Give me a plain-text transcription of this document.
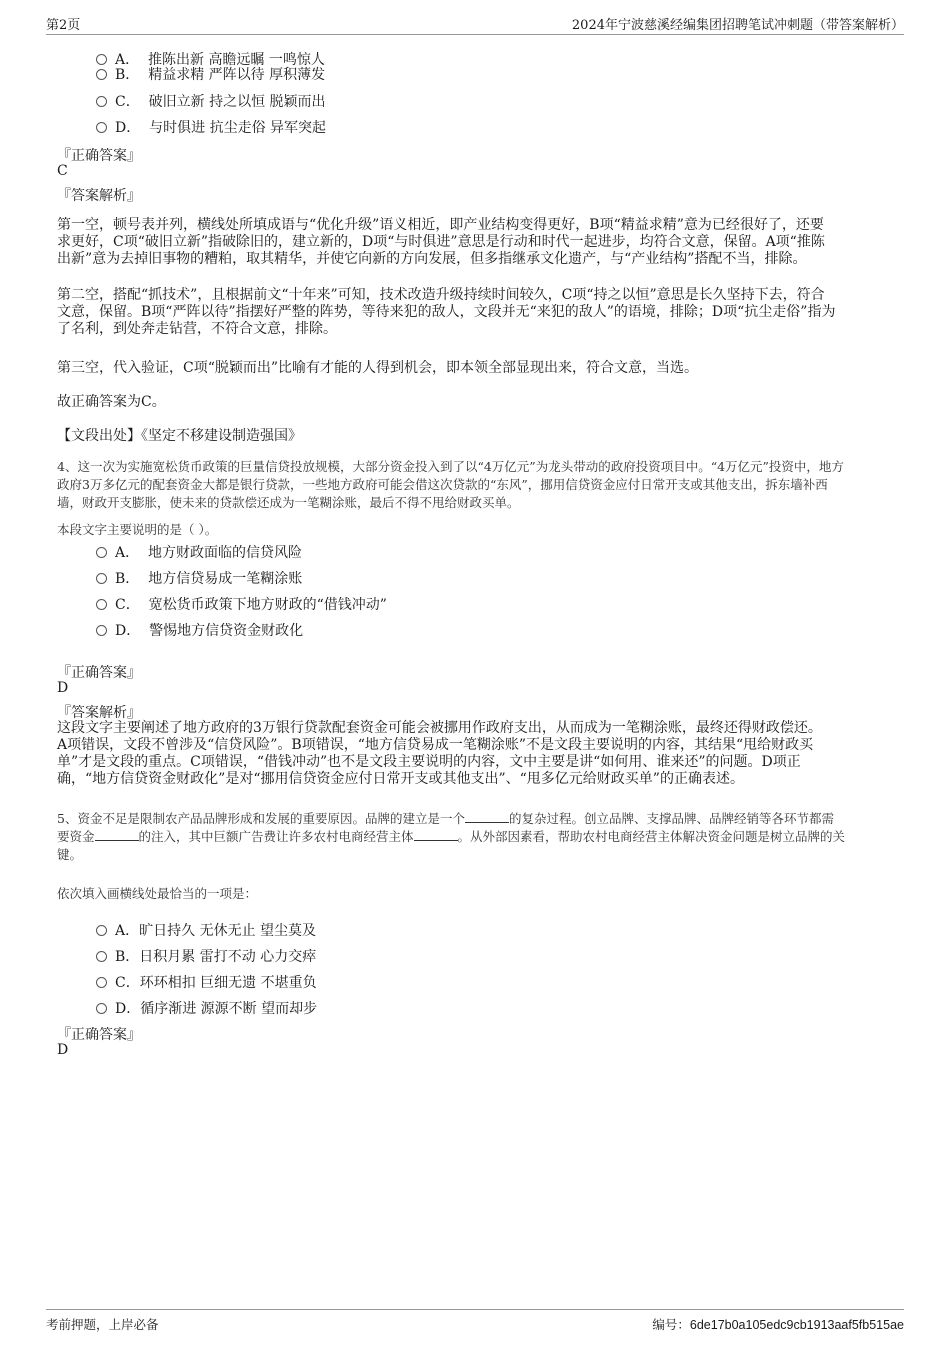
第2页	2024年宁波慈溪经编集团招聘笔试冲刺题（带答案解析）
A． 推陈出新 高瞻远瞩 一鸣惊人
B． 精益求精 严阵以待 厚积薄发
C． 破旧立新 持之以恒 脱颖而出
D． 与时俱进 抗尘走俗 异军突起
『正确答案』
C
『答案解析』
第一空，顿号表并列，横线处所填成语与“优化升级”语义相近，即产业结构变得更好，B项“精益求精”意为已经很好了，还要
求更好，C项“破旧立新”指破除旧的，建立新的，D项“与时俱进”意思是行动和时代一起进步，均符合文意，保留。A项“推陈
出新”意为去掉旧事物的糟粕，取其精华，并使它向新的方向发展，但多指继承文化遗产，与“产业结构”搭配不当，排除。
第二空，搭配“抓技术”，且根据前文“十年来”可知，技术改造升级持续时间较久，C项“持之以恒”意思是长久坚持下去，符合
文意，保留。B项“严阵以待”指摆好严整的阵势，等待来犯的敌人，文段并无“来犯的敌人”的语境，排除；D项“抗尘走俗”指为
了名利，到处奔走钻营，不符合文意，排除。
第三空，代入验证，C项“脱颖而出”比喻有才能的人得到机会，即本领全部显现出来，符合文意，当选。
故正确答案为C。
【文段出处】《坚定不移建设制造强国》
4、这一次为实施宽松货币政策的巨量信贷投放规模，大部分资金投入到了以“4万亿元”为龙头带动的政府投资项目中。“4万亿元”投资中，地方
政府3万多亿元的配套资金大都是银行贷款，一些地方政府可能会借这次贷款的“东风”，挪用信贷资金应付日常开支或其他支出，拆东墙补西
墙，财政开支膨胀，使未来的贷款偿还成为一笔糊涂账，最后不得不甩给财政买单。
本段文字主要说明的是（ ）。
A． 地方财政面临的信贷风险
B． 地方信贷易成一笔糊涂账
C． 宽松货币政策下地方财政的“借钱冲动”
D． 警惕地方信贷资金财政化
『正确答案』
D
『答案解析』
这段文字主要阐述了地方政府的3万银行贷款配套资金可能会被挪用作政府支出，从而成为一笔糊涂账，最终还得财政偿还。
A项错误，文段不曾涉及“信贷风险”。B项错误，“地方信贷易成一笔糊涂账”不是文段主要说明的内容，其结果“甩给财政买
单”才是文段的重点。C项错误，“借钱冲动”也不是文段主要说明的内容，文中主要是讲“如何用、谁来还”的问题。D项正
确，“地方信贷资金财政化”是对“挪用信贷资金应付日常开支或其他支出”、“甩多亿元给财政买单”的正确表述。
5、资金不足是限制农产品品牌形成和发展的重要原因。品牌的建立是一个	的复杂过程。创立品牌、支撑品牌、品牌经销等各环节都需
要资金	的注入，其中巨额广告费让许多农村电商经营主体	。从外部因素看，帮助农村电商经营主体解决资金问题是树立品牌的关
键。
依次填入画横线处最恰当的一项是：
A．旷日持久 无休无止 望尘莫及
B．日积月累 雷打不动 心力交瘁
C．环环相扣 巨细无遗 不堪重负
D．循序渐进 源源不断 望而却步
『正确答案』
D
考前押题，上岸必备	编号：6de17b0a105edc9cb1913aaf5fb515ae
